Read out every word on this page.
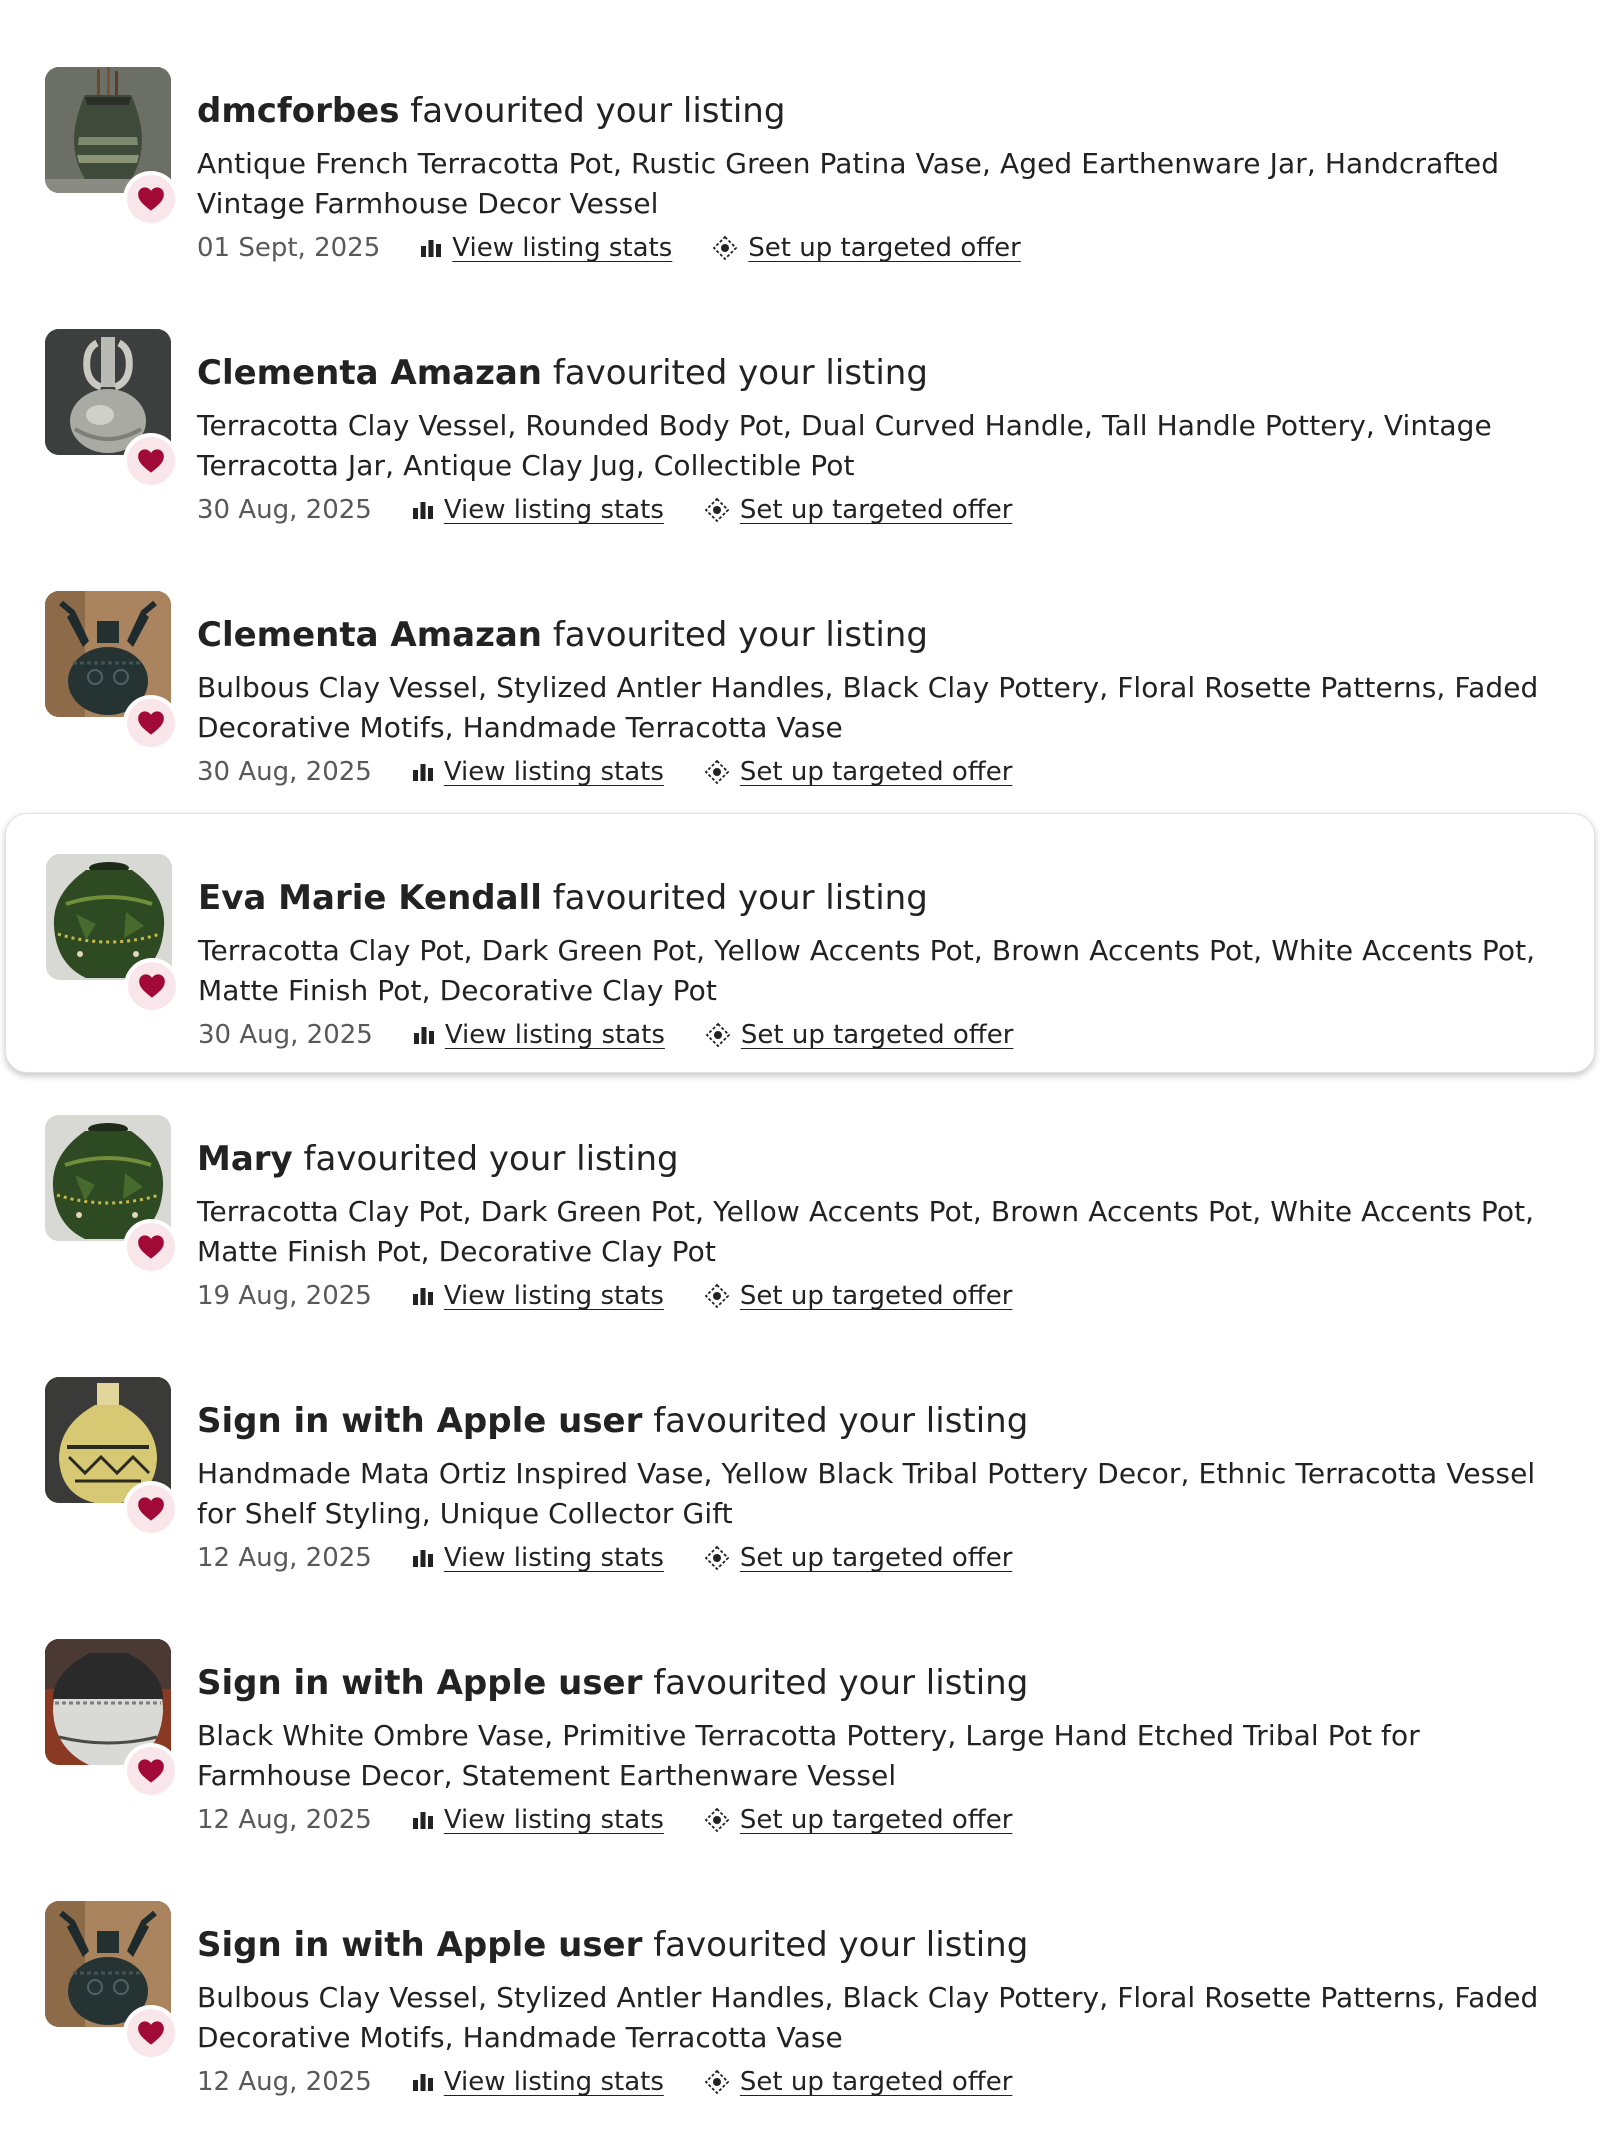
dmcforbes favourited your listing
Antique French Terracotta Pot, Rustic Green Patina Vase, Aged Earthenware Jar, Handcrafted Vintage Farmhouse Decor Vessel
01 Sept, 2025	View listing stats	Set up targeted offer
Clementa Amazan favourited your listing
Terracotta Clay Vessel, Rounded Body Pot, Dual Curved Handle, Tall Handle Pottery, Vintage Terracotta Jar, Antique Clay Jug, Collectible Pot
30 Aug, 2025	View listing stats	Set up targeted offer
Clementa Amazan favourited your listing
Bulbous Clay Vessel, Stylized Antler Handles, Black Clay Pottery, Floral Rosette Patterns, Faded Decorative Motifs, Handmade Terracotta Vase
30 Aug, 2025	View listing stats	Set up targeted offer
Eva Marie Kendall favourited your listing
Terracotta Clay Pot, Dark Green Pot, Yellow Accents Pot, Brown Accents Pot, White Accents Pot, Matte Finish Pot, Decorative Clay Pot
30 Aug, 2025	View listing stats	Set up targeted offer
Mary favourited your listing
Terracotta Clay Pot, Dark Green Pot, Yellow Accents Pot, Brown Accents Pot, White Accents Pot, Matte Finish Pot, Decorative Clay Pot
19 Aug, 2025	View listing stats	Set up targeted offer
Sign in with Apple user favourited your listing
Handmade Mata Ortiz Inspired Vase, Yellow Black Tribal Pottery Decor, Ethnic Terracotta Vessel for Shelf Styling, Unique Collector Gift
12 Aug, 2025	View listing stats	Set up targeted offer
Sign in with Apple user favourited your listing
Black White Ombre Vase, Primitive Terracotta Pottery, Large Hand Etched Tribal Pot for Farmhouse Decor, Statement Earthenware Vessel
12 Aug, 2025	View listing stats	Set up targeted offer
Sign in with Apple user favourited your listing
Bulbous Clay Vessel, Stylized Antler Handles, Black Clay Pottery, Floral Rosette Patterns, Faded Decorative Motifs, Handmade Terracotta Vase
12 Aug, 2025	View listing stats	Set up targeted offer
